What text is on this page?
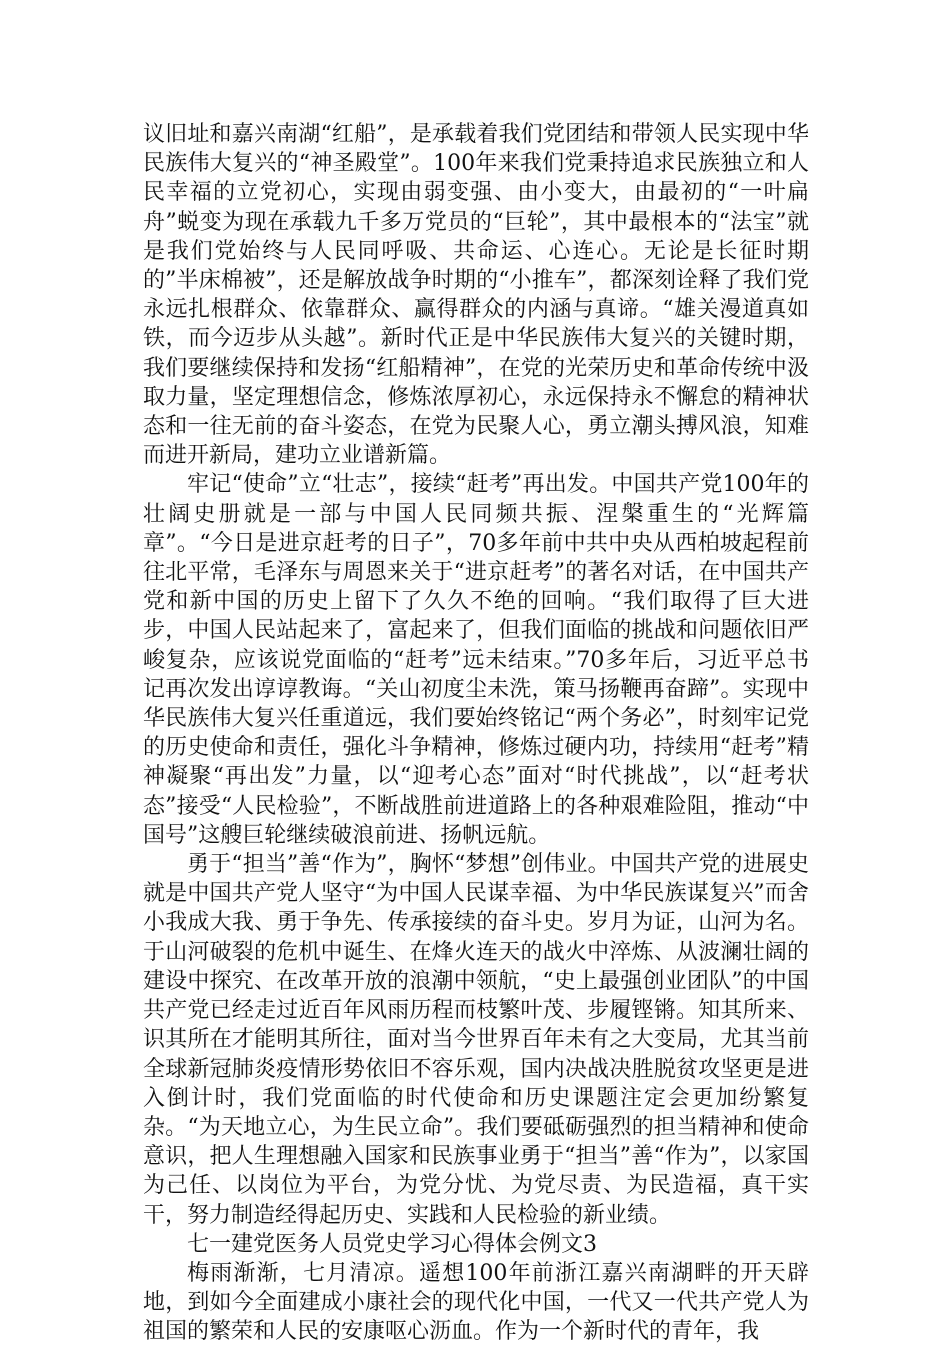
议旧址和嘉兴南湖“红船”，是承载着我们党团结和带领人民实现中华民族伟大复兴的“神圣殿堂”。100年来我们党秉持追求民族独立和人民幸福的立党初心，实现由弱变强、由小变大，由最初的“一叶扁舟”蜕变为现在承载九千多万党员的“巨轮”，其中最根本的“法宝”就是我们党始终与人民同呼吸、共命运、心连心。无论是长征时期的”半床棉被”，还是解放战争时期的“小推车”，都深刻诠释了我们党永远扎根群众、依靠群众、赢得群众的内涵与真谛。“雄关漫道真如铁，而今迈步从头越”。新时代正是中华民族伟大复兴的关键时期，我们要继续保持和发扬“红船精神”，在党的光荣历史和革命传统中汲取力量，坚定理想信念，修炼浓厚初心，永远保持永不懈怠的精神状态和一往无前的奋斗姿态，在党为民聚人心，勇立潮头搏风浪，知难而进开新局，建功立业谱新篇。

牢记“使命”立“壮志”，接续“赶考”再出发。中国共产党100年的壮阔史册就是一部与中国人民同频共振、涅槃重生的“光辉篇章”。“今日是进京赶考的日子”，70多年前中共中央从西柏坡起程前往北平常，毛泽东与周恩来关于“进京赶考”的著名对话，在中国共产党和新中国的历史上留下了久久不绝的回响。“我们取得了巨大进步，中国人民站起来了，富起来了，但我们面临的挑战和问题依旧严峻复杂，应该说党面临的“赶考”远未结束。”70多年后，习近平总书记再次发出谆谆教诲。“关山初度尘未洗，策马扬鞭再奋蹄”。实现中华民族伟大复兴任重道远，我们要始终铭记“两个务必”，时刻牢记党的历史使命和责任，强化斗争精神，修炼过硬内功，持续用“赶考”精神凝聚“再出发”力量，以“迎考心态”面对“时代挑战”，以“赶考状态”接受“人民检验”，不断战胜前进道路上的各种艰难险阻，推动“中国号”这艘巨轮继续破浪前进、扬帆远航。

勇于“担当”善“作为”，胸怀“梦想”创伟业。中国共产党的进展史就是中国共产党人坚守“为中国人民谋幸福、为中华民族谋复兴”而舍小我成大我、勇于争先、传承接续的奋斗史。岁月为证，山河为名。于山河破裂的危机中诞生、在烽火连天的战火中淬炼、从波澜壮阔的建设中探究、在改革开放的浪潮中领航，“史上最强创业团队”的中国共产党已经走过近百年风雨历程而枝繁叶茂、步履铿锵。知其所来、识其所在才能明其所往，面对当今世界百年未有之大变局，尤其当前全球新冠肺炎疫情形势依旧不容乐观，国内决战决胜脱贫攻坚更是进入倒计时，我们党面临的时代使命和历史课题注定会更加纷繁复杂。“为天地立心，为生民立命”。我们要砥砺强烈的担当精神和使命意识，把人生理想融入国家和民族事业勇于“担当”善“作为”，以家国为己任、以岗位为平台，为党分忧、为党尽责、为民造福，真干实干，努力制造经得起历史、实践和人民检验的新业绩。

七一建党医务人员党史学习心得体会例文3

梅雨渐渐，七月清凉。遥想100年前浙江嘉兴南湖畔的开天辟地，到如今全面建成小康社会的现代化中国，一代又一代共产党人为祖国的繁荣和人民的安康呕心沥血。作为一个新时代的青年，我
